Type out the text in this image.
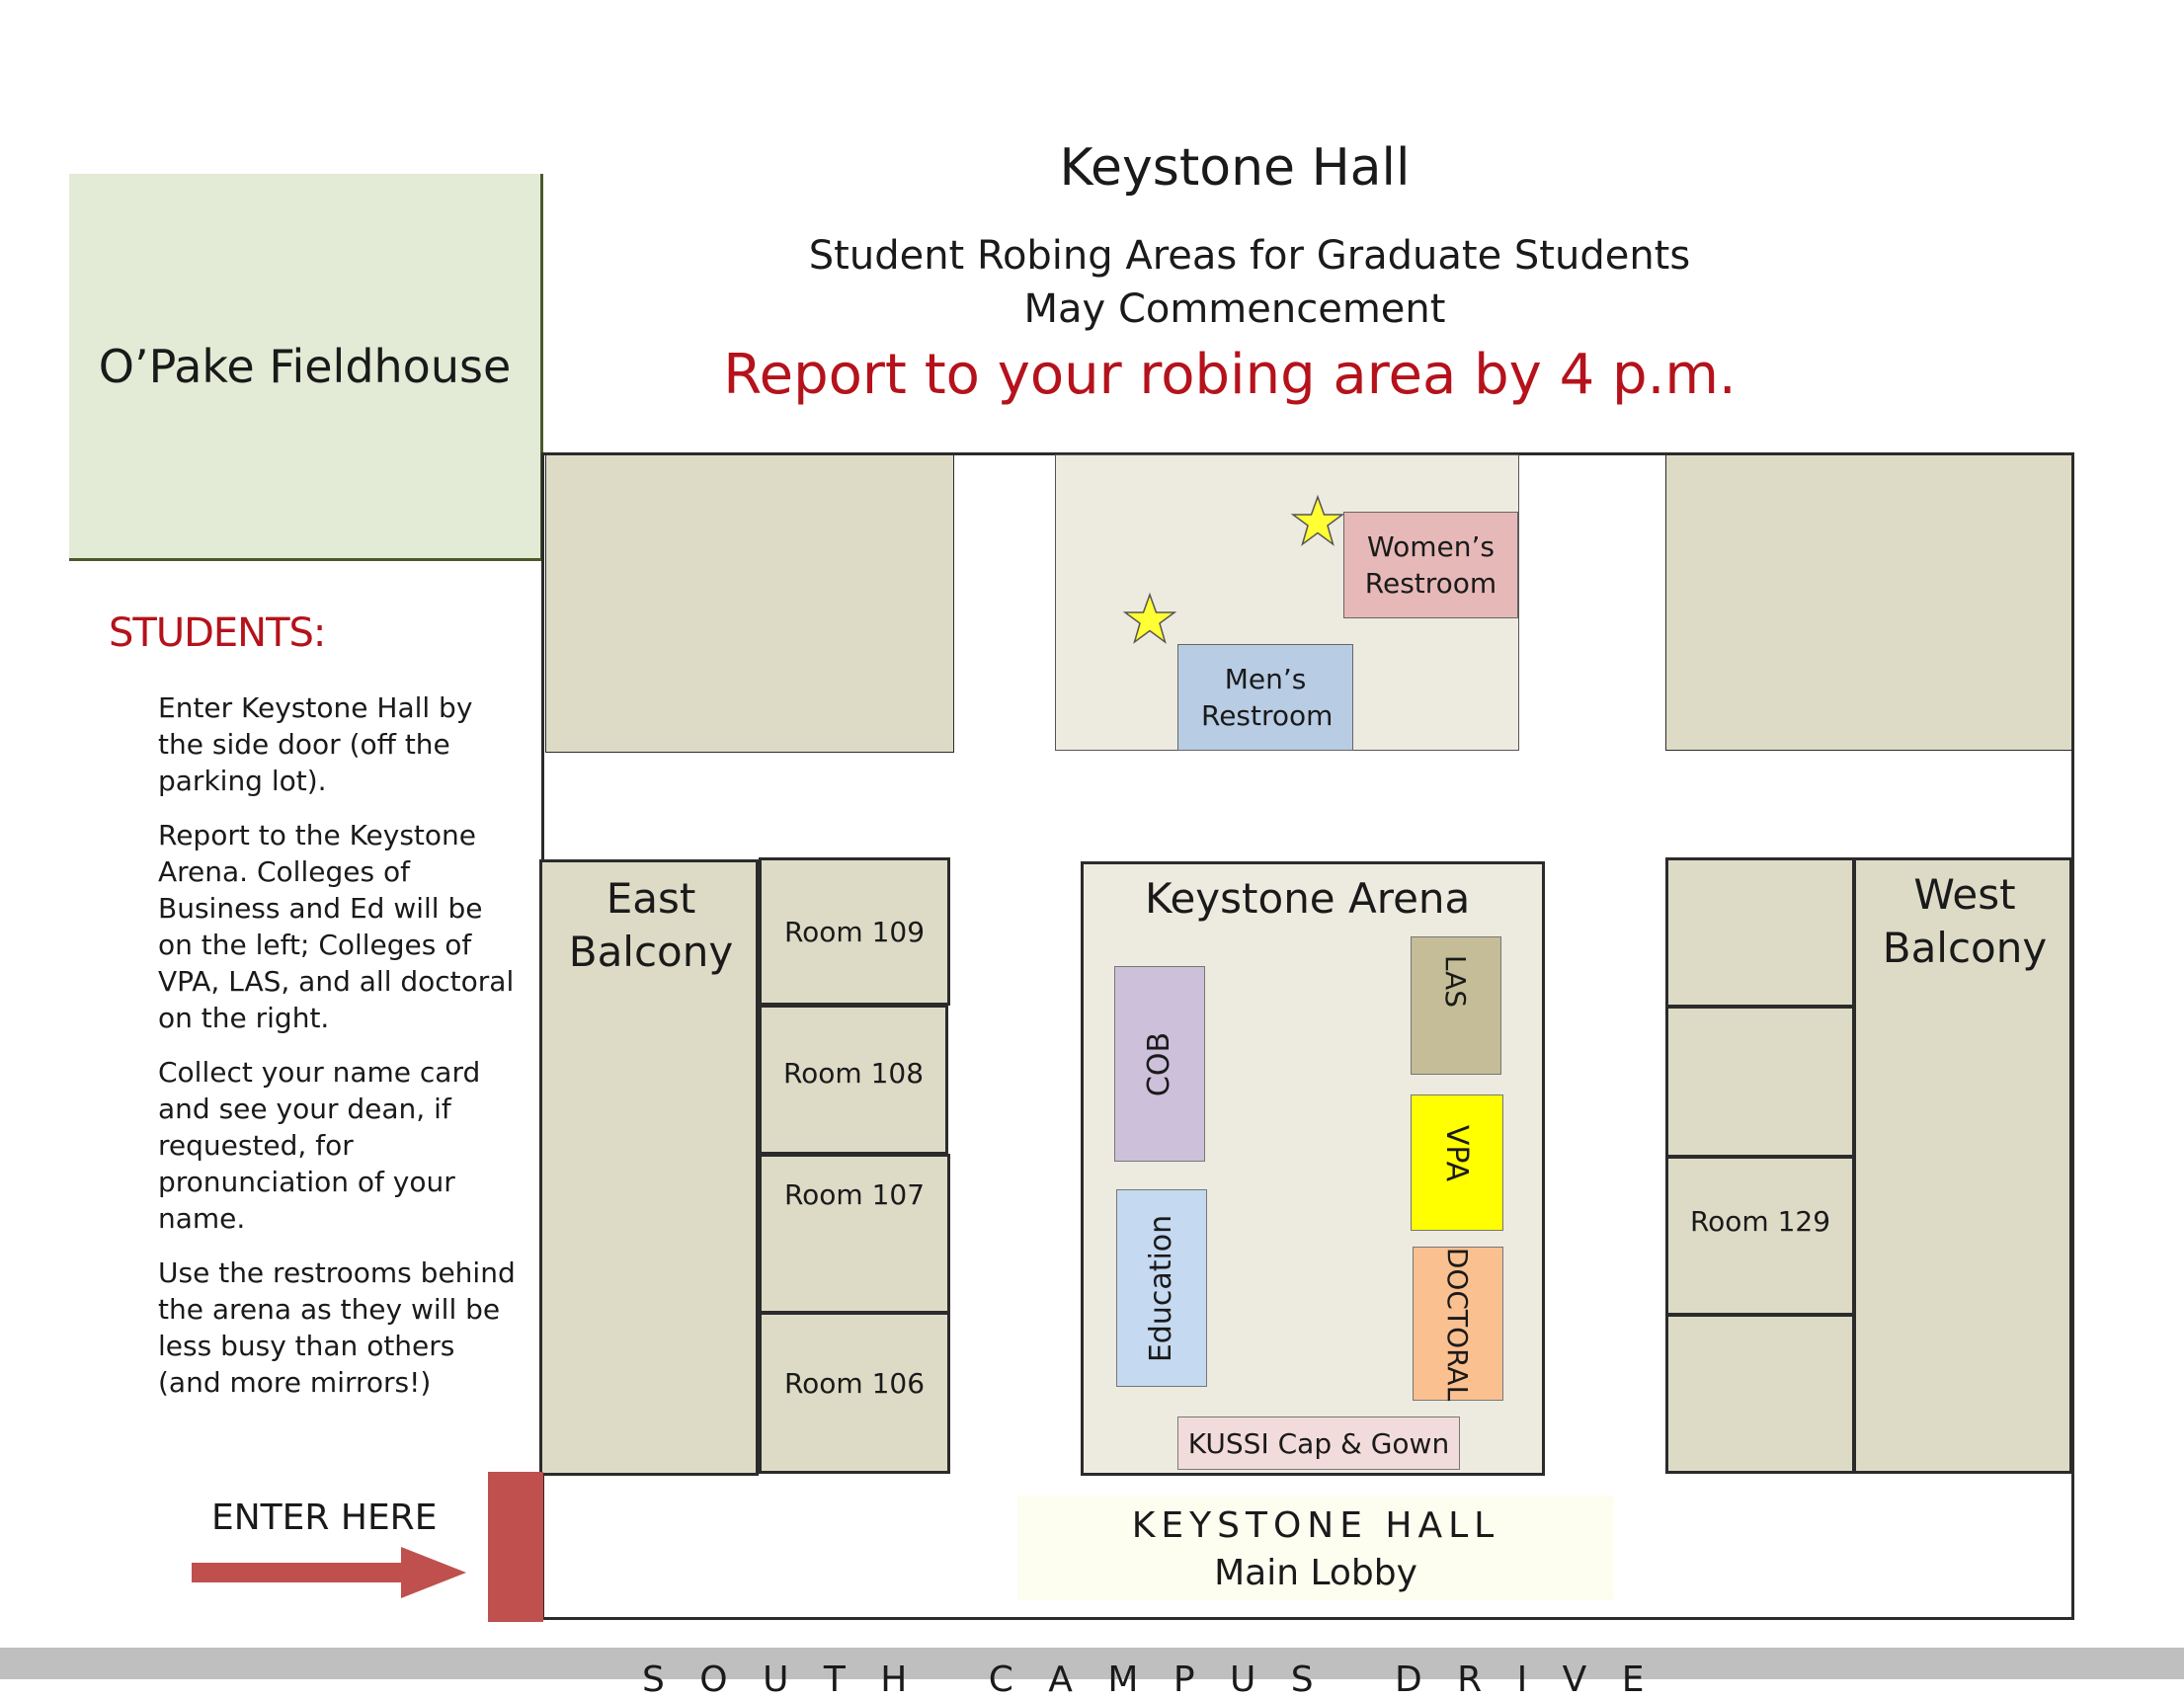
Keystone Hall
Student Robing Areas for Graduate Students
May Commencement
Report to your robing area by 4 p.m.
O’Pake Fieldhouse
STUDENTS:
Enter Keystone Hall by the side door (off the parking lot).
Report to the Keystone Arena. Colleges of Business and Ed will be on the left; Colleges of VPA, LAS, and all doctoral on the right.
Collect your name card and see your dean, if requested, for pronunciation of your name.
Use the restrooms behind the arena as they will be less busy than others (and more mirrors!)
Women’s Restroom
Men’s Restroom
East Balcony Room 109
Room 108
Room 107
Room 106
Keystone Arena
COB
Education
LAS
VPA
DOCTORAL
KUSSI Cap & Gown
Room 129
West Balcony
KEYSTONE HALL
Main Lobby
ENTER HERE
S O U T H   C A M P U S   D R I V E
